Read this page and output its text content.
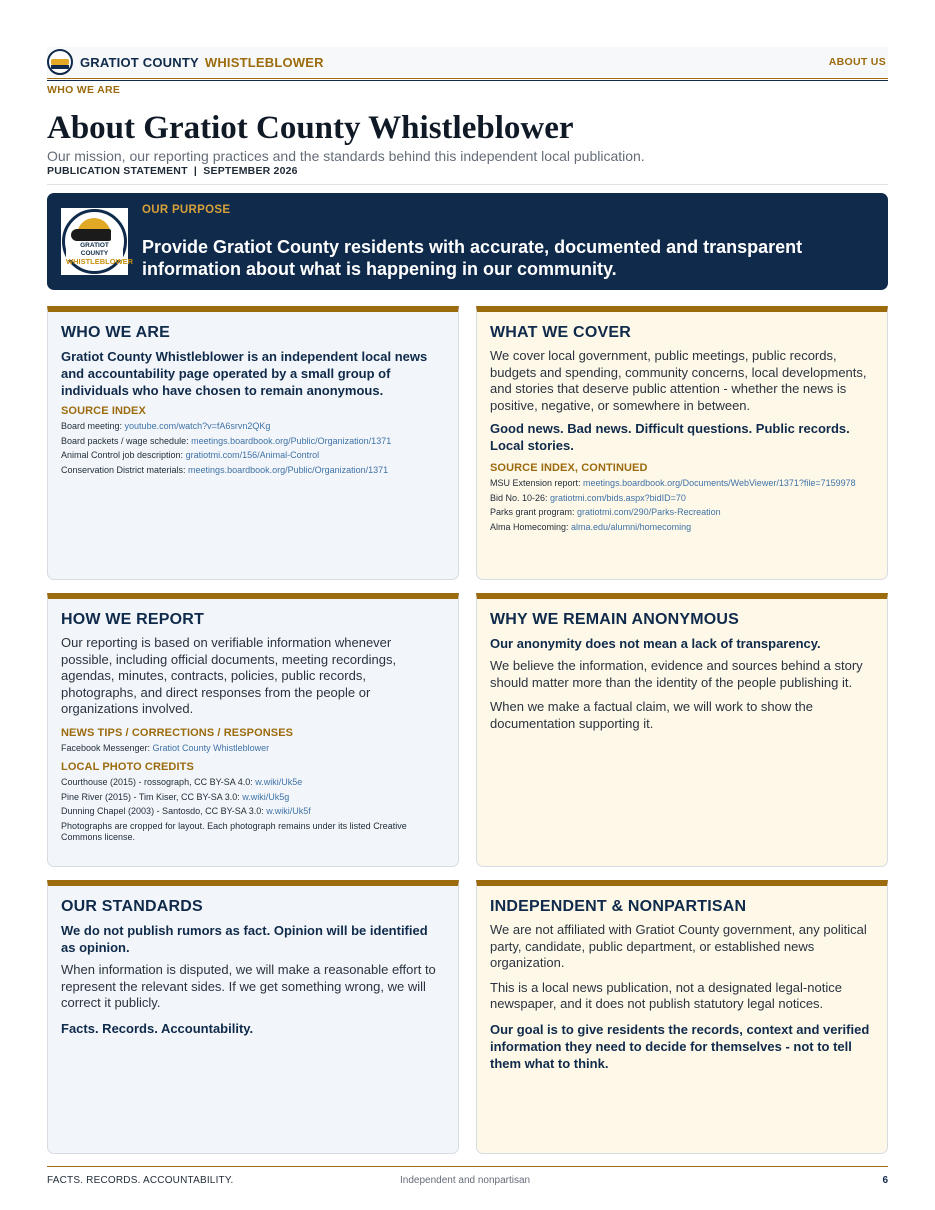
GRATIOT COUNTY WHISTLEBLOWER	ABOUT US
WHO WE ARE
About Gratiot County Whistleblower
Our mission, our reporting practices and the standards behind this independent local publication.
PUBLICATION STATEMENT  |  SEPTEMBER 2026
GRATIOT COUNTY
WHISTLEBLOWER
OUR PURPOSE
Provide Gratiot County residents with accurate, documented and transparent information about what is happening in our community.
WHO WE ARE
Gratiot County Whistleblower is an independent local news and accountability page operated by a small group of individuals who have chosen to remain anonymous.
SOURCE INDEX
Board meeting: youtube.com/watch?v=fA6srvn2QKg
Board packets / wage schedule: meetings.boardbook.org/Public/Organization/1371
Animal Control job description: gratiotmi.com/156/Animal-Control
Conservation District materials: meetings.boardbook.org/Public/Organization/1371
WHAT WE COVER
We cover local government, public meetings, public records, budgets and spending, community concerns, local developments, and stories that deserve public attention - whether the news is positive, negative, or somewhere in between.
Good news. Bad news. Difficult questions. Public records. Local stories.
SOURCE INDEX, CONTINUED
MSU Extension report: meetings.boardbook.org/Documents/WebViewer/1371?file=7159978
Bid No. 10-26: gratiotmi.com/bids.aspx?bidID=70
Parks grant program: gratiotmi.com/290/Parks-Recreation
Alma Homecoming: alma.edu/alumni/homecoming
HOW WE REPORT
Our reporting is based on verifiable information whenever possible, including official documents, meeting recordings, agendas, minutes, contracts, policies, public records, photographs, and direct responses from the people or organizations involved.
NEWS TIPS / CORRECTIONS / RESPONSES
Facebook Messenger: Gratiot County Whistleblower
LOCAL PHOTO CREDITS
Courthouse (2015) - rossograph, CC BY-SA 4.0: w.wiki/Uk5e
Pine River (2015) - Tim Kiser, CC BY-SA 3.0: w.wiki/Uk5g
Dunning Chapel (2003) - Santosdo, CC BY-SA 3.0: w.wiki/Uk5f
Photographs are cropped for layout. Each photograph remains under its listed Creative Commons license.
WHY WE REMAIN ANONYMOUS
Our anonymity does not mean a lack of transparency.
We believe the information, evidence and sources behind a story should matter more than the identity of the people publishing it.
When we make a factual claim, we will work to show the documentation supporting it.
OUR STANDARDS
We do not publish rumors as fact. Opinion will be identified as opinion.
When information is disputed, we will make a reasonable effort to represent the relevant sides. If we get something wrong, we will correct it publicly.
Facts. Records. Accountability.
INDEPENDENT & NONPARTISAN
We are not affiliated with Gratiot County government, any political party, candidate, public department, or established news organization.
This is a local news publication, not a designated legal-notice newspaper, and it does not publish statutory legal notices.
Our goal is to give residents the records, context and verified information they need to decide for themselves - not to tell them what to think.
FACTS. RECORDS. ACCOUNTABILITY.	Independent and nonpartisan	6
